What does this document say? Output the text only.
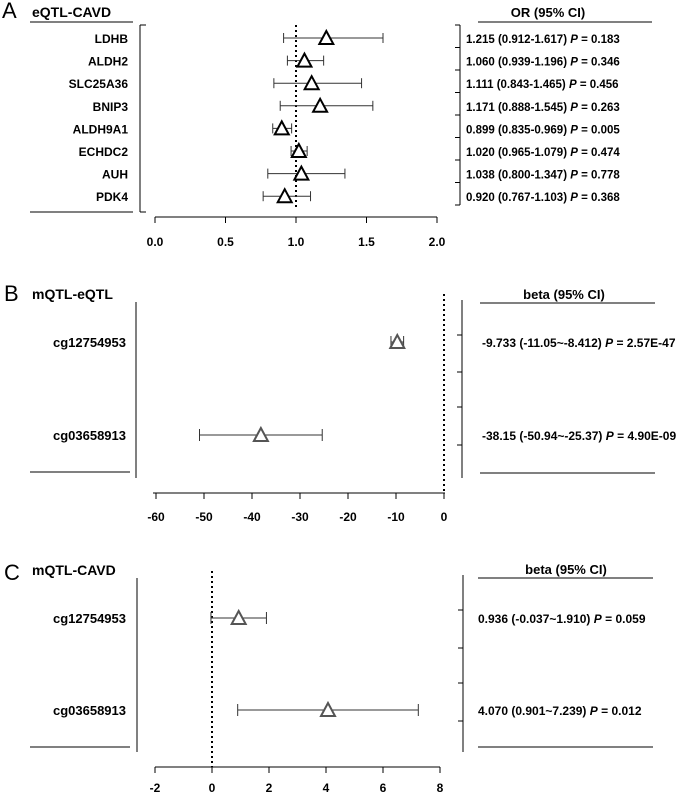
A eQTL-CAVD	OR (95% CI)
LDHB	1.215 (0.912-1.617) P = 0.183
ALDH2	1.060 (0.939-1.196) P = 0.346
SLC25A36	1.111 (0.843-1.465) P = 0.456
BNIP3	1.171 (0.888-1.545) P = 0.263
ALDH9A1	0.899 (0.835-0.969) P = 0.005
ECHDC2	1.020 (0.965-1.079) P = 0.474
AUH	1.038 (0.800-1.347) P = 0.778
PDK4	0.920 (0.767-1.103) P = 0.368
0.0	0.5	1.0	1.5	2.0
B mQTL-eQTL	beta (95% CI)
cg12754953	-9.733 (-11.05~-8.412) P = 2.57E-47
cg03658913	-38.15 (-50.94~-25.37) P = 4.90E-09
-60	-50	-40	-30	-20	-10	0
C mQTL-CAVD	beta (95% CI)
cg12754953	0.936 (-0.037~1.910) P = 0.059
cg03658913	4.070 (0.901~7.239) P = 0.012
-2	0	2	4	6	8
